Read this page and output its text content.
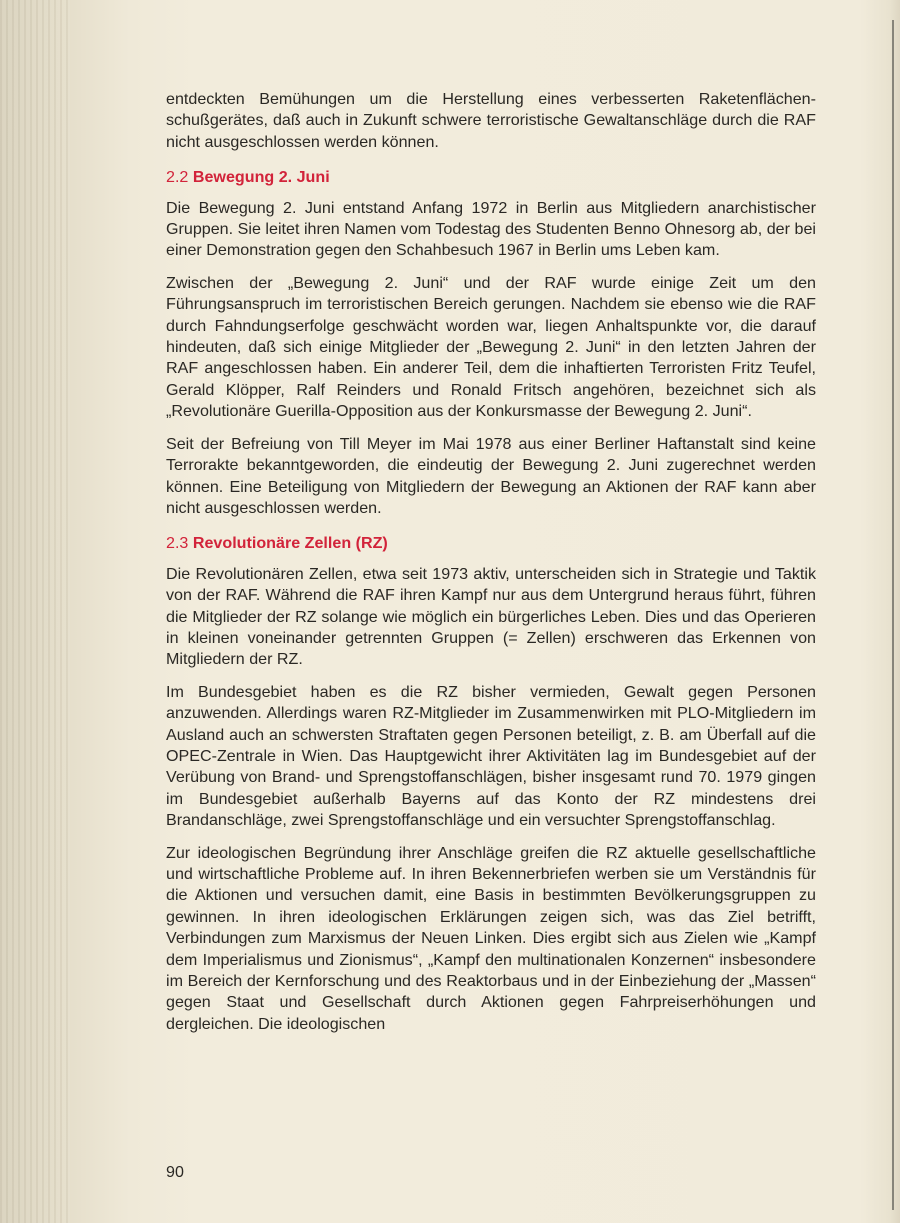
entdeckten Bemühungen um die Herstellung eines verbesserten Raketenflächenschußgerätes, daß auch in Zukunft schwere terroristische Gewaltanschläge durch die RAF nicht ausgeschlossen werden können.

2.2 Bewegung 2. Juni

Die Bewegung 2. Juni entstand Anfang 1972 in Berlin aus Mitgliedern anarchistischer Gruppen. Sie leitet ihren Namen vom Todestag des Studenten Benno Ohnesorg ab, der bei einer Demonstration gegen den Schahbesuch 1967 in Berlin ums Leben kam.

Zwischen der „Bewegung 2. Juni“ und der RAF wurde einige Zeit um den Führungsanspruch im terroristischen Bereich gerungen. Nachdem sie ebenso wie die RAF durch Fahndungserfolge geschwächt worden war, liegen Anhaltspunkte vor, die darauf hindeuten, daß sich einige Mitglieder der „Bewegung 2. Juni“ in den letzten Jahren der RAF angeschlossen haben. Ein anderer Teil, dem die inhaftierten Terroristen Fritz Teufel, Gerald Klöpper, Ralf Reinders und Ronald Fritsch angehören, bezeichnet sich als „Revolutionäre Guerilla-Opposition aus der Konkursmasse der Bewegung 2. Juni“.

Seit der Befreiung von Till Meyer im Mai 1978 aus einer Berliner Haftanstalt sind keine Terrorakte bekanntgeworden, die eindeutig der Bewegung 2. Juni zugerechnet werden können. Eine Beteiligung von Mitgliedern der Bewegung an Aktionen der RAF kann aber nicht ausgeschlossen werden.

2.3 Revolutionäre Zellen (RZ)

Die Revolutionären Zellen, etwa seit 1973 aktiv, unterscheiden sich in Strategie und Taktik von der RAF. Während die RAF ihren Kampf nur aus dem Untergrund heraus führt, führen die Mitglieder der RZ solange wie möglich ein bürgerliches Leben. Dies und das Operieren in kleinen voneinander getrennten Gruppen (= Zellen) erschweren das Erkennen von Mitgliedern der RZ.

Im Bundesgebiet haben es die RZ bisher vermieden, Gewalt gegen Personen anzuwenden. Allerdings waren RZ-Mitglieder im Zusammenwirken mit PLO-Mitgliedern im Ausland auch an schwersten Straftaten gegen Personen beteiligt, z. B. am Überfall auf die OPEC-Zentrale in Wien. Das Hauptgewicht ihrer Aktivitäten lag im Bundesgebiet auf der Verübung von Brand- und Sprengstoffanschlägen, bisher insgesamt rund 70. 1979 gingen im Bundesgebiet außerhalb Bayerns auf das Konto der RZ mindestens drei Brandanschläge, zwei Sprengstoffanschläge und ein versuchter Sprengstoffanschlag.

Zur ideologischen Begründung ihrer Anschläge greifen die RZ aktuelle gesellschaftliche und wirtschaftliche Probleme auf. In ihren Bekennerbriefen werben sie um Verständnis für die Aktionen und versuchen damit, eine Basis in bestimmten Bevölkerungsgruppen zu gewinnen. In ihren ideologischen Erklärungen zeigen sich, was das Ziel betrifft, Verbindungen zum Marxismus der Neuen Linken. Dies ergibt sich aus Zielen wie „Kampf dem Imperialismus und Zionismus“, „Kampf den multinationalen Konzernen“ insbesondere im Bereich der Kernforschung und des Reaktorbaus und in der Einbeziehung der „Massen“ gegen Staat und Gesellschaft durch Aktionen gegen Fahrpreiserhöhungen und dergleichen. Die ideologischen

90
